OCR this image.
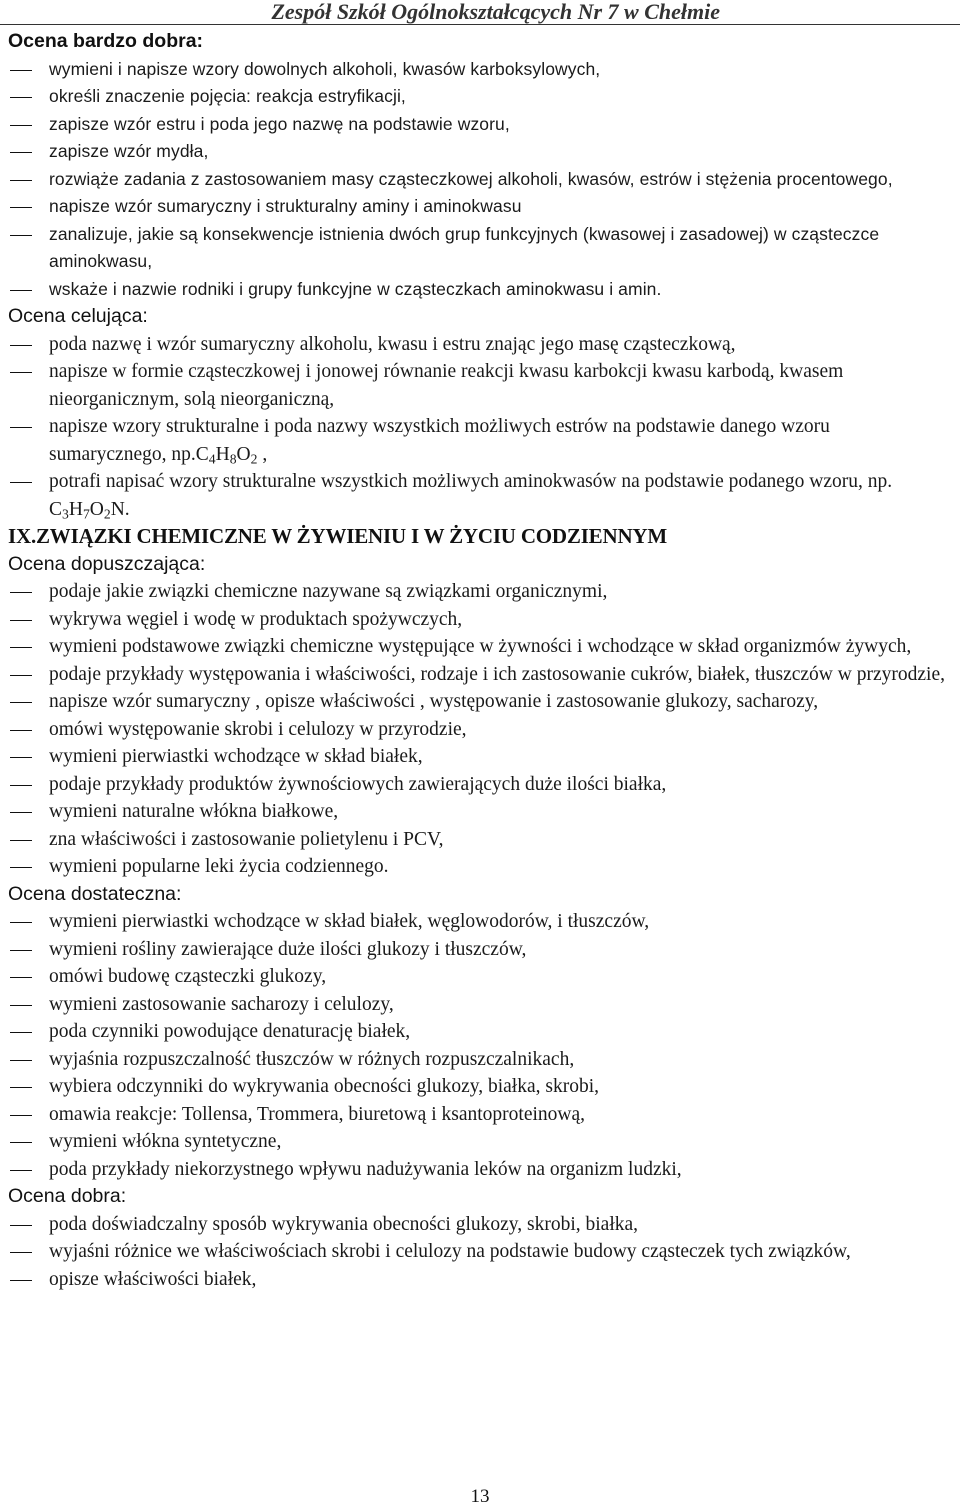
Zespół Szkół Ogólnokształcących Nr 7 w Chełmie
Ocena bardzo dobra:
wymieni i napisze wzory dowolnych alkoholi, kwasów karboksylowych,
określi znaczenie pojęcia: reakcja estryfikacji,
zapisze wzór estru i poda jego nazwę na podstawie wzoru,
zapisze wzór mydła,
rozwiąże zadania z zastosowaniem masy cząsteczkowej alkoholi, kwasów, estrów i stężenia procentowego,
napisze wzór sumaryczny i strukturalny aminy i aminokwasu
zanalizuje, jakie są konsekwencje istnienia dwóch grup funkcyjnych (kwasowej i zasadowej) w cząsteczce aminokwasu,
wskaże i nazwie rodniki i grupy funkcyjne w cząsteczkach aminokwasu i amin.
Ocena celująca:
poda nazwę i wzór sumaryczny alkoholu, kwasu i estru znając jego masę cząsteczkową,
napisze w formie cząsteczkowej i jonowej równanie reakcji kwasu karbokcji kwasu karbodą, kwasem nieorganicznym, solą nieorganiczną,
napisze wzory strukturalne i poda nazwy wszystkich możliwych estrów na podstawie danego wzoru sumarycznego, $np.C_4H_8O_2$ ,
potrafi napisać wzory strukturalne wszystkich możliwych aminokwasów na podstawie podanego wzoru, np. $C_3H_7O_2N$.
IX.ZWIĄZKI CHEMICZNE W ŻYWIENIU I W ŻYCIU CODZIENNYM
Ocena dopuszczająca:
podaje jakie związki chemiczne nazywane są związkami organicznymi,
wykrywa węgiel i wodę w produktach spożywczych,
wymieni podstawowe związki chemiczne występujące w żywności i wchodzące w skład organizmów żywych,
podaje przykłady występowania i właściwości, rodzaje i ich zastosowanie cukrów, białek, tłuszczów w przyrodzie,
napisze wzór sumaryczny , opisze właściwości , występowanie i zastosowanie glukozy, sacharozy,
omówi występowanie skrobi i celulozy w przyrodzie,
wymieni pierwiastki wchodzące w skład białek,
podaje przykłady produktów żywnościowych zawierających duże ilości białka,
wymieni naturalne włókna białkowe,
zna właściwości i zastosowanie polietylenu i PCV,
wymieni popularne leki życia codziennego.
Ocena dostateczna:
wymieni pierwiastki wchodzące w skład białek, węglowodorów, i tłuszczów,
wymieni rośliny zawierające duże ilości glukozy i tłuszczów,
omówi budowę cząsteczki glukozy,
wymieni zastosowanie sacharozy i celulozy,
poda czynniki powodujące denaturację białek,
wyjaśnia rozpuszczalność tłuszczów w różnych rozpuszczalnikach,
wybiera odczynniki do wykrywania obecności glukozy, białka, skrobi,
omawia reakcje: Tollensa, Trommera, biuretową i ksantoproteinową,
wymieni włókna syntetyczne,
poda przykłady niekorzystnego wpływu nadużywania leków na organizm ludzki,
Ocena dobra:
poda doświadczalny sposób wykrywania obecności glukozy, skrobi, białka,
wyjaśni różnice we właściwościach skrobi i celulozy na podstawie budowy cząsteczek tych związków,
opisze właściwości białek,
13
